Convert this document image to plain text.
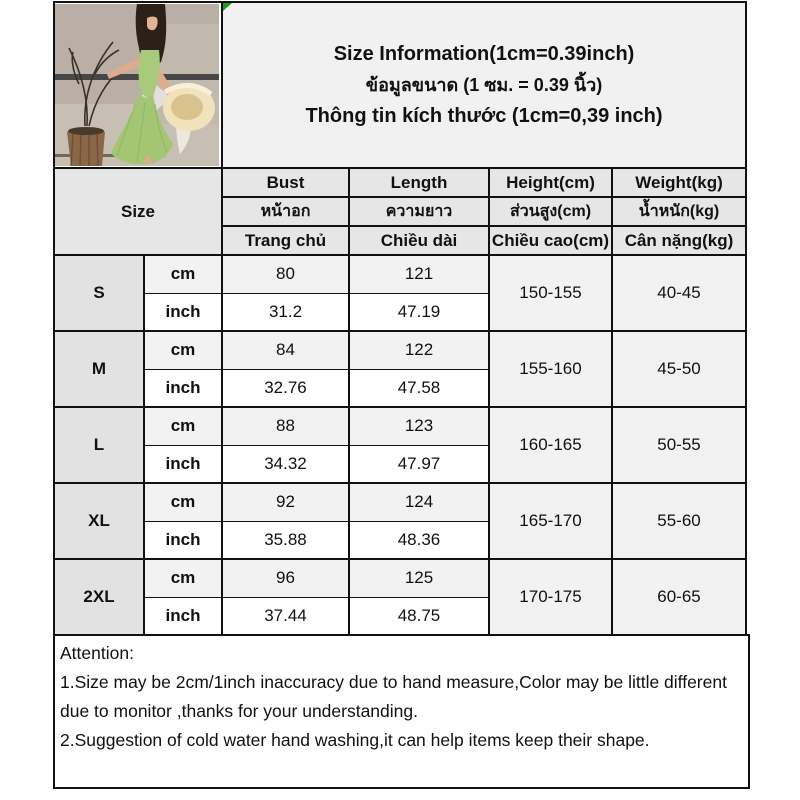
Size Information(1cm=0.39inch)
ข้อมูลขนาด (1 ซม. = 0.39 นิ้ว)
Thông tin kích thước (1cm=0,39 inch)			

Size		Bust	Length	Height(cm)	Weight(kg)
		หน้าอก	ความยาว	ส่วนสูง(cm)	น้ำหนัก(kg)
		Trang chủ	Chiều dài	Chiều cao(cm)	Cân nặng(kg)
S	cm	80	121	150-155	40-45
	inch	31.2	47.19		
M	cm	84	122	155-160	45-50
	inch	32.76	47.58		
L	cm	88	123	160-165	50-55
	inch	34.32	47.97		
XL	cm	92	124	165-170	55-60
	inch	35.88	48.36		
2XL	cm	96	125	170-175	60-65
	inch	37.44	48.75		
Attention:
1.Size may be 2cm/1inch inaccuracy due to hand measure,Color may be little different due to monitor ,thanks for your understanding.
2.Suggestion of cold water hand washing,it can help items keep their shape.
